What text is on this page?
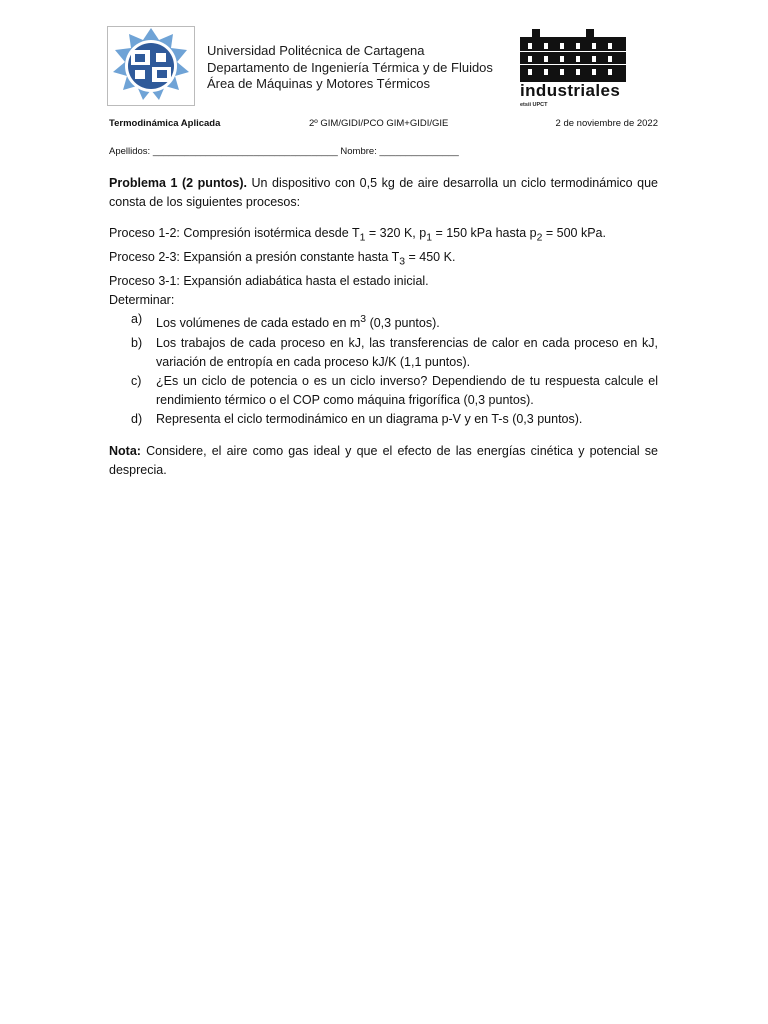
Universidad Politécnica de Cartagena
Departamento de Ingeniería Térmica y de Fluidos
Área de Máquinas y Motores Térmicos	industriales
etsii UPCT
Termodinámica Aplicada	2º GIM/GIDI/PCO GIM+GIDI/GIE	2 de noviembre de 2022
Apellidos: ___________________________________ Nombre: _______________

Problema 1 (2 puntos). Un dispositivo con 0,5 kg de aire desarrolla un ciclo termodinámico que consta de los siguientes procesos:

Proceso 1-2: Compresión isotérmica desde $T_1 = 320$ K, $p_1 = 150$ kPa hasta $p_2 = 500$ kPa.

Proceso 2-3: Expansión a presión constante hasta $T_3 = 450$ K.

Proceso 3-1: Expansión adiabática hasta el estado inicial.

Determinar:

a) Los volúmenes de cada estado en $m^3$ (0,3 puntos).
b) Los trabajos de cada proceso en kJ, las transferencias de calor en cada proceso en kJ, variación de entropía en cada proceso kJ/K (1,1 puntos).
c) ¿Es un ciclo de potencia o es un ciclo inverso? Dependiendo de tu respuesta calcule el rendimiento térmico o el COP como máquina frigorífica (0,3 puntos).
d) Representa el ciclo termodinámico en un diagrama p-V y en T-s (0,3 puntos).

Nota: Considere, el aire como gas ideal y que el efecto de las energías cinética y potencial se desprecia.
